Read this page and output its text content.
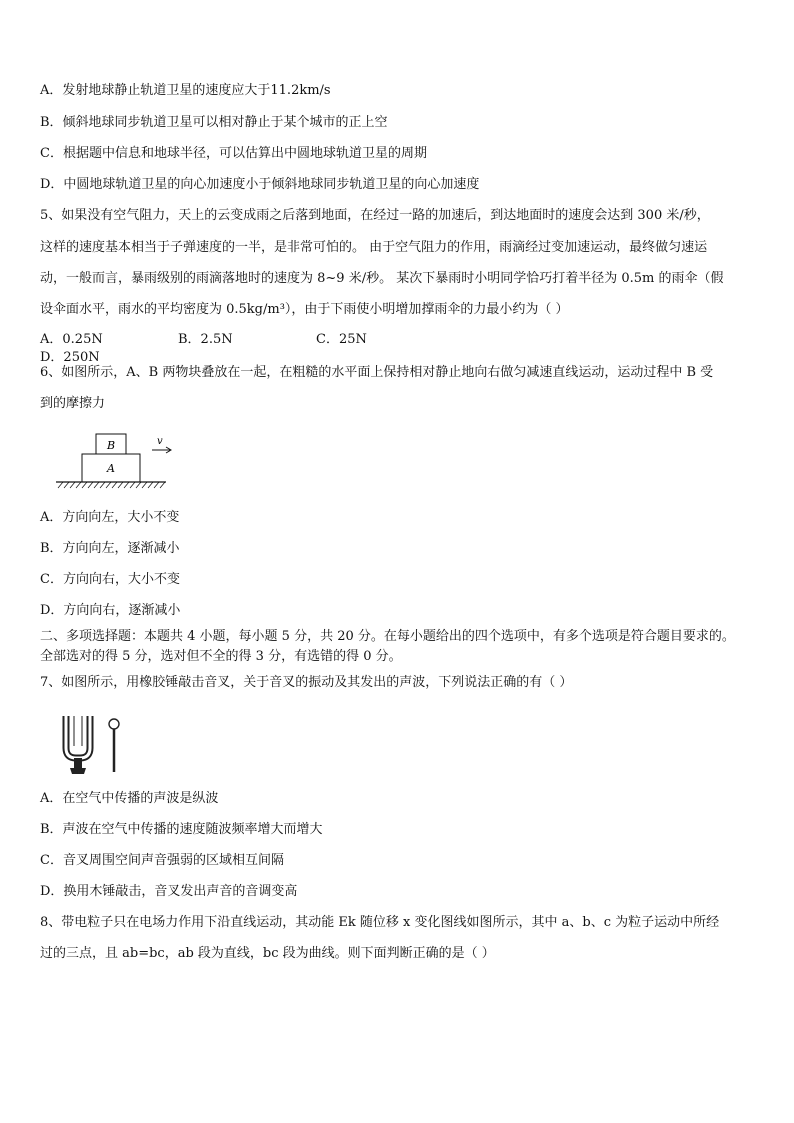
A．发射地球静止轨道卫星的速度应大于11.2km/s
B．倾斜地球同步轨道卫星可以相对静止于某个城市的正上空
C．根据题中信息和地球半径，可以估算出中圆地球轨道卫星的周期
D．中圆地球轨道卫星的向心加速度小于倾斜地球同步轨道卫星的向心加速度
5、如果没有空气阻力，天上的云变成雨之后落到地面，在经过一路的加速后，到达地面时的速度会达到 300 米/秒，
这样的速度基本相当于子弹速度的一半，是非常可怕的。 由于空气阻力的作用，雨滴经过变加速运动，最终做匀速运
动，一般而言，暴雨级别的雨滴落地时的速度为 8~9 米/秒。 某次下暴雨时小明同学恰巧打着半径为 0.5m 的雨伞（假
设伞面水平，雨水的平均密度为 0.5kg/m³），由于下雨使小明增加撑雨伞的力最小约为（ ）
A．0.25N	B．2.5N	C．25ND．250N
6、如图所示，A、B 两物块叠放在一起，在粗糙的水平面上保持相对静止地向右做匀减速直线运动，运动过程中 B 受
到的摩擦力
B
A
v
A．方向向左，大小不变
B．方向向左，逐渐减小
C．方向向右，大小不变
D．方向向右，逐渐减小
二、多项选择题：本题共 4 小题，每小题 5 分，共 20 分。在每小题给出的四个选项中，有多个选项是符合题目要求的。
全部选对的得 5 分，选对但不全的得 3 分，有选错的得 0 分。
7、如图所示，用橡胶锤敲击音叉，关于音叉的振动及其发出的声波，下列说法正确的有（ ）
A．在空气中传播的声波是纵波
B．声波在空气中传播的速度随波频率增大而增大
C．音叉周围空间声音强弱的区域相互间隔
D．换用木锤敲击，音叉发出声音的音调变高
8、带电粒子只在电场力作用下沿直线运动，其动能 Ek 随位移 x 变化图线如图所示，其中 a、b、c 为粒子运动中所经
过的三点，且 ab=bc，ab 段为直线，bc 段为曲线。则下面判断正确的是（ ）
